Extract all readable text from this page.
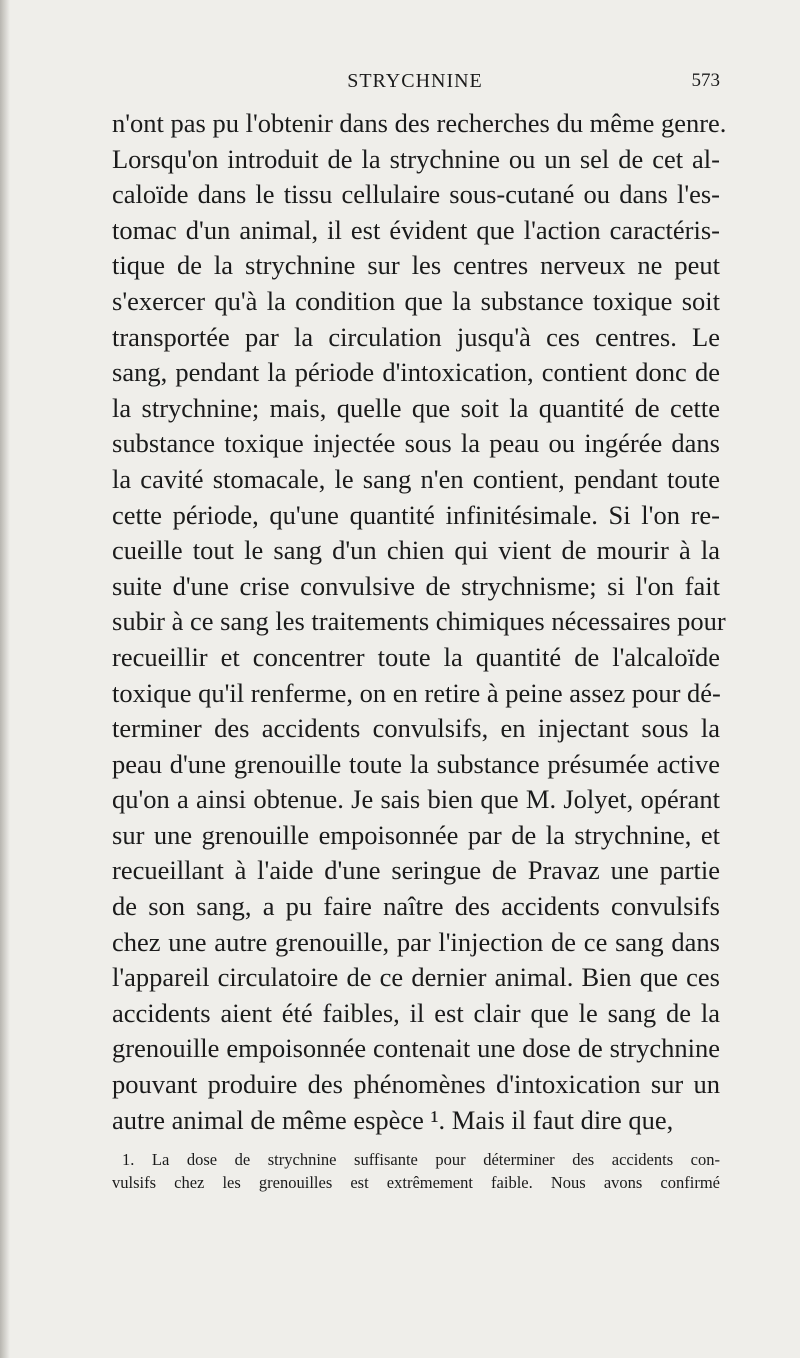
STRYCHNINE	573
n'ont pas pu l'obtenir dans des recherches du même genre.
Lorsqu'on introduit de la strychnine ou un sel de cet al-
caloïde dans le tissu cellulaire sous-cutané ou dans l'es-
tomac d'un animal, il est évident que l'action caractéris-
tique de la strychnine sur les centres nerveux ne peut
s'exercer qu'à la condition que la substance toxique soit
transportée par la circulation jusqu'à ces centres. Le
sang, pendant la période d'intoxication, contient donc de
la strychnine; mais, quelle que soit la quantité de cette
substance toxique injectée sous la peau ou ingérée dans
la cavité stomacale, le sang n'en contient, pendant toute
cette période, qu'une quantité infinitésimale. Si l'on re-
cueille tout le sang d'un chien qui vient de mourir à la
suite d'une crise convulsive de strychnisme; si l'on fait
subir à ce sang les traitements chimiques nécessaires pour
recueillir et concentrer toute la quantité de l'alcaloïde
toxique qu'il renferme, on en retire à peine assez pour dé-
terminer des accidents convulsifs, en injectant sous la
peau d'une grenouille toute la substance présumée active
qu'on a ainsi obtenue. Je sais bien que M. Jolyet, opérant
sur une grenouille empoisonnée par de la strychnine, et
recueillant à l'aide d'une seringue de Pravaz une partie
de son sang, a pu faire naître des accidents convulsifs
chez une autre grenouille, par l'injection de ce sang dans
l'appareil circulatoire de ce dernier animal. Bien que ces
accidents aient été faibles, il est clair que le sang de la
grenouille empoisonnée contenait une dose de strychnine
pouvant produire des phénomènes d'intoxication sur un
autre animal de même espèce ¹. Mais il faut dire que,
1. La dose de strychnine suffisante pour déterminer des accidents con-
vulsifs chez les grenouilles est extrêmement faible. Nous avons confirmé
